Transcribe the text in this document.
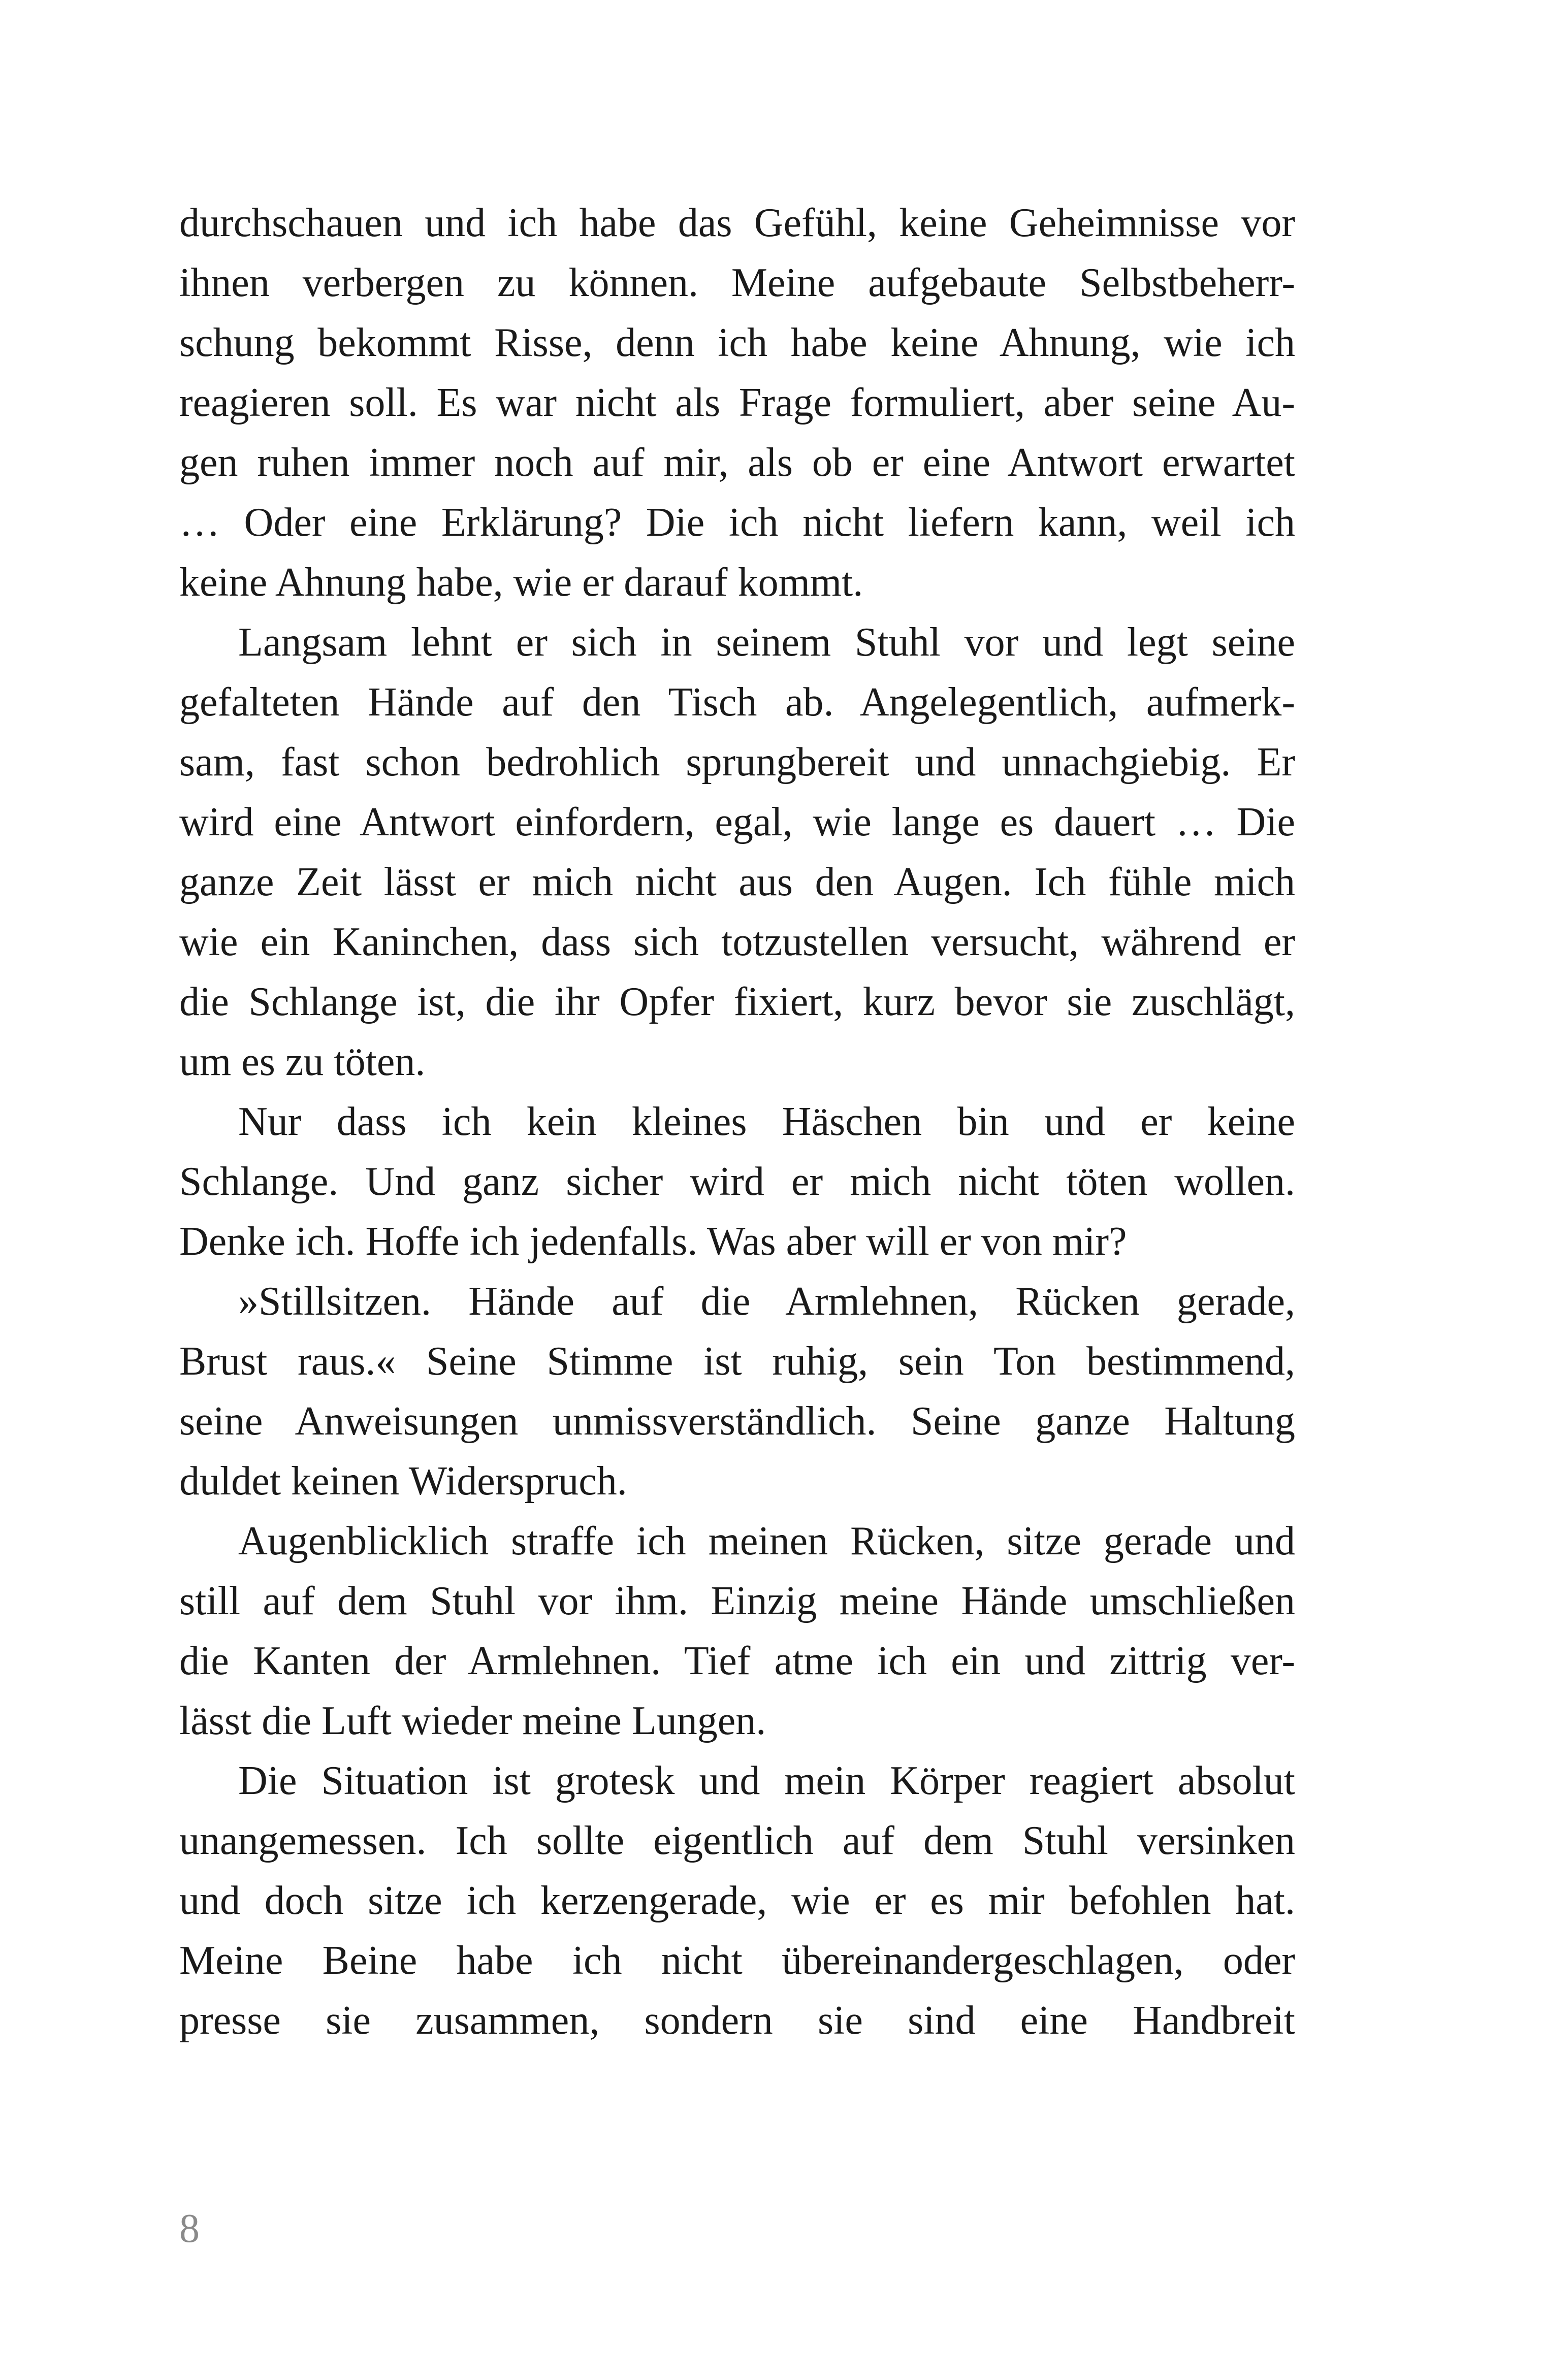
durchschauen und ich habe das Gefühl, keine Geheimnisse vor
ihnen verbergen zu können. Meine aufgebaute Selbstbeherr-
schung bekommt Risse, denn ich habe keine Ahnung, wie ich
reagieren soll. Es war nicht als Frage formuliert, aber seine Au-
gen ruhen immer noch auf mir, als ob er eine Antwort erwartet
… Oder eine Erklärung? Die ich nicht liefern kann, weil ich
keine Ahnung habe, wie er darauf kommt.
Langsam lehnt er sich in seinem Stuhl vor und legt seine
gefalteten Hände auf den Tisch ab. Angelegentlich, aufmerk-
sam, fast schon bedrohlich sprungbereit und unnachgiebig. Er
wird eine Antwort einfordern, egal, wie lange es dauert … Die
ganze Zeit lässt er mich nicht aus den Augen. Ich fühle mich
wie ein Kaninchen, dass sich totzustellen versucht, während er
die Schlange ist, die ihr Opfer fixiert, kurz bevor sie zuschlägt,
um es zu töten.
Nur dass ich kein kleines Häschen bin und er keine
Schlange. Und ganz sicher wird er mich nicht töten wollen.
Denke ich. Hoffe ich jedenfalls. Was aber will er von mir?
»Stillsitzen. Hände auf die Armlehnen, Rücken gerade,
Brust raus.« Seine Stimme ist ruhig, sein Ton bestimmend,
seine Anweisungen unmissverständlich. Seine ganze Haltung
duldet keinen Widerspruch.
Augenblicklich straffe ich meinen Rücken, sitze gerade und
still auf dem Stuhl vor ihm. Einzig meine Hände umschließen
die Kanten der Armlehnen. Tief atme ich ein und zittrig ver-
lässt die Luft wieder meine Lungen.
Die Situation ist grotesk und mein Körper reagiert absolut
unangemessen. Ich sollte eigentlich auf dem Stuhl versinken
und doch sitze ich kerzengerade, wie er es mir befohlen hat.
Meine Beine habe ich nicht übereinandergeschlagen, oder
presse sie zusammen, sondern sie sind eine Handbreit
8
